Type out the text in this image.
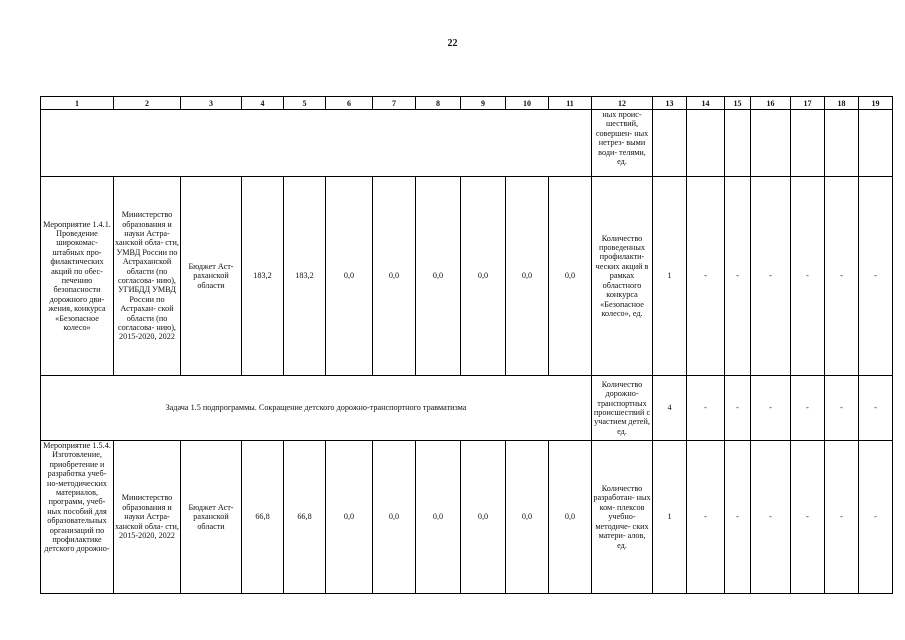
22
1	2	3	4	5	6	7	8	9	10	11	12	13	14	15	16	17	18	19
											ных проис- шествий, совершен- ных нетрез- выми води- телями, ед.							
Мероприятие 1.4.1. Проведение широкомас- штабных про- филактических акций по обес- печению безопасности дорожного дви- жения, конкурса «Безопасное колесо»	Министерство образования и науки Астра- ханской обла- сти, УМВД России по Астраханской области (по согласова- нию), УГИБДД УМВД России по Астрахан- ской области (по согласова- нию), 2015-2020, 2022	Бюджет Аст- раханской области	183,2	183,2	0,0	0,0	0,0	0,0	0,0	0,0	Количество проведенных профилакти- ческих акций в рамках областного конкурса «Безопасное колесо», ед.	1	-	-	-	-	-	-
Задача 1.5 подпрограммы. Сокращение детского дорожно-транспортного травматизма											Количество дорожно- транспортных происшествий с участием детей, ед.	4	-	-	-	-	-	-
Мероприятие 1.5.4. Изготовление, приобретение и разработка учеб- но-методических материалов, программ, учеб- ных пособий для образовательных организаций по профилактике детского дорожно-	Министерство образования и науки Астра- ханской обла- сти, 2015-2020, 2022	Бюджет Аст- раханской области	66,8	66,8	0,0	0,0	0,0	0,0	0,0	0,0	Количество разработан- ных ком- плексов учебно- методиче- ских матери- алов, ед.	1	-	-	-	-	-	-
